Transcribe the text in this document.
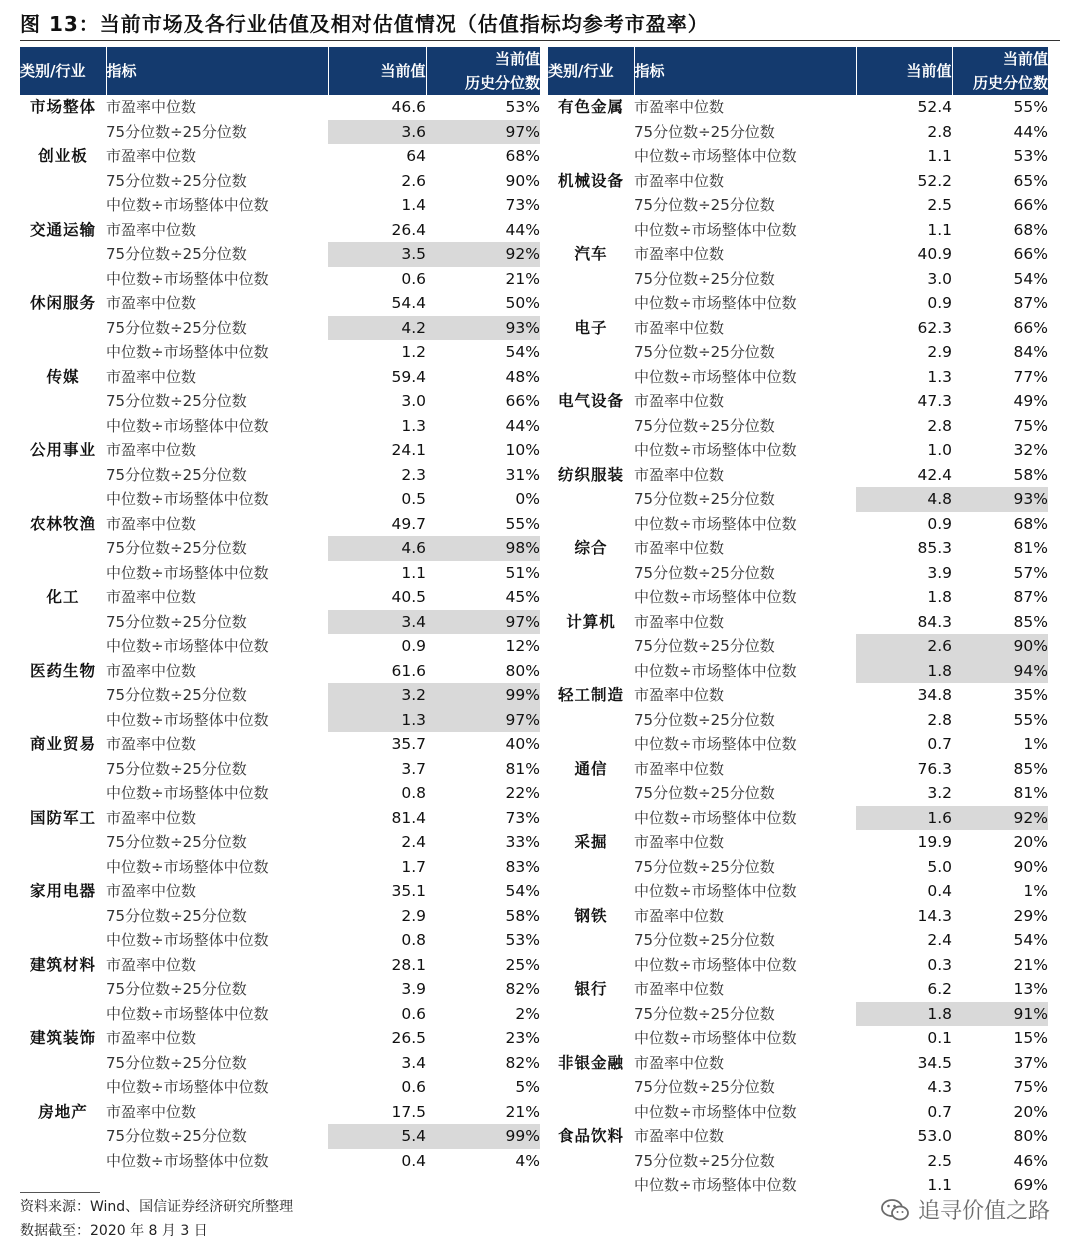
图 13：当前市场及各行业估值及相对估值情况（估值指标均参考市盈率）
类别/行业	指标	当前值	当前值
历史分位数

市场整体	市盈率中位数	46.6	53%
	75分位数÷25分位数	3.6	97%
创业板	市盈率中位数	64	68%
	75分位数÷25分位数	2.6	90%
	中位数÷市场整体中位数	1.4	73%
交通运输	市盈率中位数	26.4	44%
	75分位数÷25分位数	3.5	92%
	中位数÷市场整体中位数	0.6	21%
休闲服务	市盈率中位数	54.4	50%
	75分位数÷25分位数	4.2	93%
	中位数÷市场整体中位数	1.2	54%
传媒	市盈率中位数	59.4	48%
	75分位数÷25分位数	3.0	66%
	中位数÷市场整体中位数	1.3	44%
公用事业	市盈率中位数	24.1	10%
	75分位数÷25分位数	2.3	31%
	中位数÷市场整体中位数	0.5	0%
农林牧渔	市盈率中位数	49.7	55%
	75分位数÷25分位数	4.6	98%
	中位数÷市场整体中位数	1.1	51%
化工	市盈率中位数	40.5	45%
	75分位数÷25分位数	3.4	97%
	中位数÷市场整体中位数	0.9	12%
医药生物	市盈率中位数	61.6	80%
	75分位数÷25分位数	3.2	99%
	中位数÷市场整体中位数	1.3	97%
商业贸易	市盈率中位数	35.7	40%
	75分位数÷25分位数	3.7	81%
	中位数÷市场整体中位数	0.8	22%
国防军工	市盈率中位数	81.4	73%
	75分位数÷25分位数	2.4	33%
	中位数÷市场整体中位数	1.7	83%
家用电器	市盈率中位数	35.1	54%
	75分位数÷25分位数	2.9	58%
	中位数÷市场整体中位数	0.8	53%
建筑材料	市盈率中位数	28.1	25%
	75分位数÷25分位数	3.9	82%
	中位数÷市场整体中位数	0.6	2%
建筑装饰	市盈率中位数	26.5	23%
	75分位数÷25分位数	3.4	82%
	中位数÷市场整体中位数	0.6	5%
房地产	市盈率中位数	17.5	21%
	75分位数÷25分位数	5.4	99%
	中位数÷市场整体中位数	0.4	4%
类别/行业	指标	当前值	当前值
历史分位数

有色金属	市盈率中位数	52.4	55%
	75分位数÷25分位数	2.8	44%
	中位数÷市场整体中位数	1.1	53%
机械设备	市盈率中位数	52.2	65%
	75分位数÷25分位数	2.5	66%
	中位数÷市场整体中位数	1.1	68%
汽车	市盈率中位数	40.9	66%
	75分位数÷25分位数	3.0	54%
	中位数÷市场整体中位数	0.9	87%
电子	市盈率中位数	62.3	66%
	75分位数÷25分位数	2.9	84%
	中位数÷市场整体中位数	1.3	77%
电气设备	市盈率中位数	47.3	49%
	75分位数÷25分位数	2.8	75%
	中位数÷市场整体中位数	1.0	32%
纺织服装	市盈率中位数	42.4	58%
	75分位数÷25分位数	4.8	93%
	中位数÷市场整体中位数	0.9	68%
综合	市盈率中位数	85.3	81%
	75分位数÷25分位数	3.9	57%
	中位数÷市场整体中位数	1.8	87%
计算机	市盈率中位数	84.3	85%
	75分位数÷25分位数	2.6	90%
	中位数÷市场整体中位数	1.8	94%
轻工制造	市盈率中位数	34.8	35%
	75分位数÷25分位数	2.8	55%
	中位数÷市场整体中位数	0.7	1%
通信	市盈率中位数	76.3	85%
	75分位数÷25分位数	3.2	81%
	中位数÷市场整体中位数	1.6	92%
采掘	市盈率中位数	19.9	20%
	75分位数÷25分位数	5.0	90%
	中位数÷市场整体中位数	0.4	1%
钢铁	市盈率中位数	14.3	29%
	75分位数÷25分位数	2.4	54%
	中位数÷市场整体中位数	0.3	21%
银行	市盈率中位数	6.2	13%
	75分位数÷25分位数	1.8	91%
	中位数÷市场整体中位数	0.1	15%
非银金融	市盈率中位数	34.5	37%
	75分位数÷25分位数	4.3	75%
	中位数÷市场整体中位数	0.7	20%
食品饮料	市盈率中位数	53.0	80%
	75分位数÷25分位数	2.5	46%
	中位数÷市场整体中位数	1.1	69%
资料来源：Wind、国信证券经济研究所整理
数据截至：2020 年 8 月 3 日
追寻价值之路
